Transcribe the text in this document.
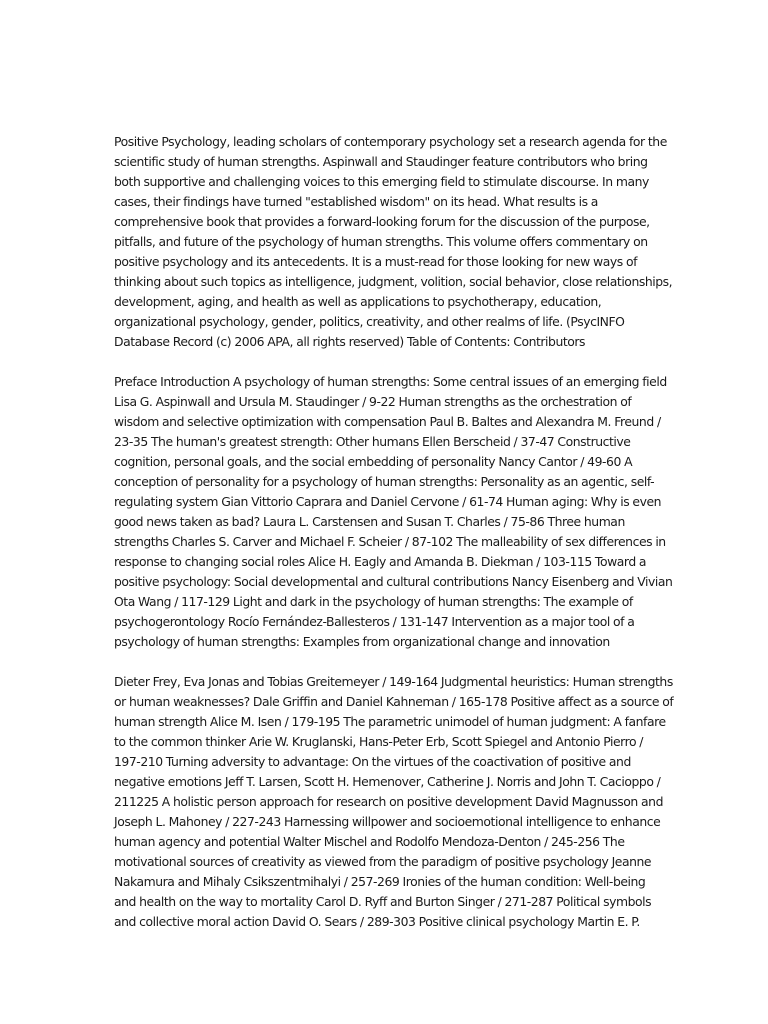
Positive Psychology, leading scholars of contemporary psychology set a research agenda for the
scientific study of human strengths. Aspinwall and Staudinger feature contributors who bring
both supportive and challenging voices to this emerging field to stimulate discourse. In many
cases, their findings have turned "established wisdom" on its head. What results is a
comprehensive book that provides a forward-looking forum for the discussion of the purpose,
pitfalls, and future of the psychology of human strengths. This volume offers commentary on
positive psychology and its antecedents. It is a must-read for those looking for new ways of
thinking about such topics as intelligence, judgment, volition, social behavior, close relationships,
development, aging, and health as well as applications to psychotherapy, education,
organizational psychology, gender, politics, creativity, and other realms of life. (PsycINFO
Database Record (c) 2006 APA, all rights reserved) Table of Contents: Contributors

Preface Introduction A psychology of human strengths: Some central issues of an emerging field
Lisa G. Aspinwall and Ursula M. Staudinger / 9-22 Human strengths as the orchestration of
wisdom and selective optimization with compensation Paul B. Baltes and Alexandra M. Freund /
23-35 The human's greatest strength: Other humans Ellen Berscheid / 37-47 Constructive
cognition, personal goals, and the social embedding of personality Nancy Cantor / 49-60 A
conception of personality for a psychology of human strengths: Personality as an agentic, self-
regulating system Gian Vittorio Caprara and Daniel Cervone / 61-74 Human aging: Why is even
good news taken as bad? Laura L. Carstensen and Susan T. Charles / 75-86 Three human
strengths Charles S. Carver and Michael F. Scheier / 87-102 The malleability of sex differences in
response to changing social roles Alice H. Eagly and Amanda B. Diekman / 103-115 Toward a
positive psychology: Social developmental and cultural contributions Nancy Eisenberg and Vivian
Ota Wang / 117-129 Light and dark in the psychology of human strengths: The example of
psychogerontology Rocío Fernández-Ballesteros / 131-147 Intervention as a major tool of a
psychology of human strengths: Examples from organizational change and innovation

Dieter Frey, Eva Jonas and Tobias Greitemeyer / 149-164 Judgmental heuristics: Human strengths
or human weaknesses? Dale Griffin and Daniel Kahneman / 165-178 Positive affect as a source of
human strength Alice M. Isen / 179-195 The parametric unimodel of human judgment: A fanfare
to the common thinker Arie W. Kruglanski, Hans-Peter Erb, Scott Spiegel and Antonio Pierro /
197-210 Turning adversity to advantage: On the virtues of the coactivation of positive and
negative emotions Jeff T. Larsen, Scott H. Hemenover, Catherine J. Norris and John T. Cacioppo /
211225 A holistic person approach for research on positive development David Magnusson and
Joseph L. Mahoney / 227-243 Harnessing willpower and socioemotional intelligence to enhance
human agency and potential Walter Mischel and Rodolfo Mendoza-Denton / 245-256 The
motivational sources of creativity as viewed from the paradigm of positive psychology Jeanne
Nakamura and Mihaly Csikszentmihalyi / 257-269 Ironies of the human condition: Well-being
and health on the way to mortality Carol D. Ryff and Burton Singer / 271-287 Political symbols
and collective moral action David O. Sears / 289-303 Positive clinical psychology Martin E. P.
